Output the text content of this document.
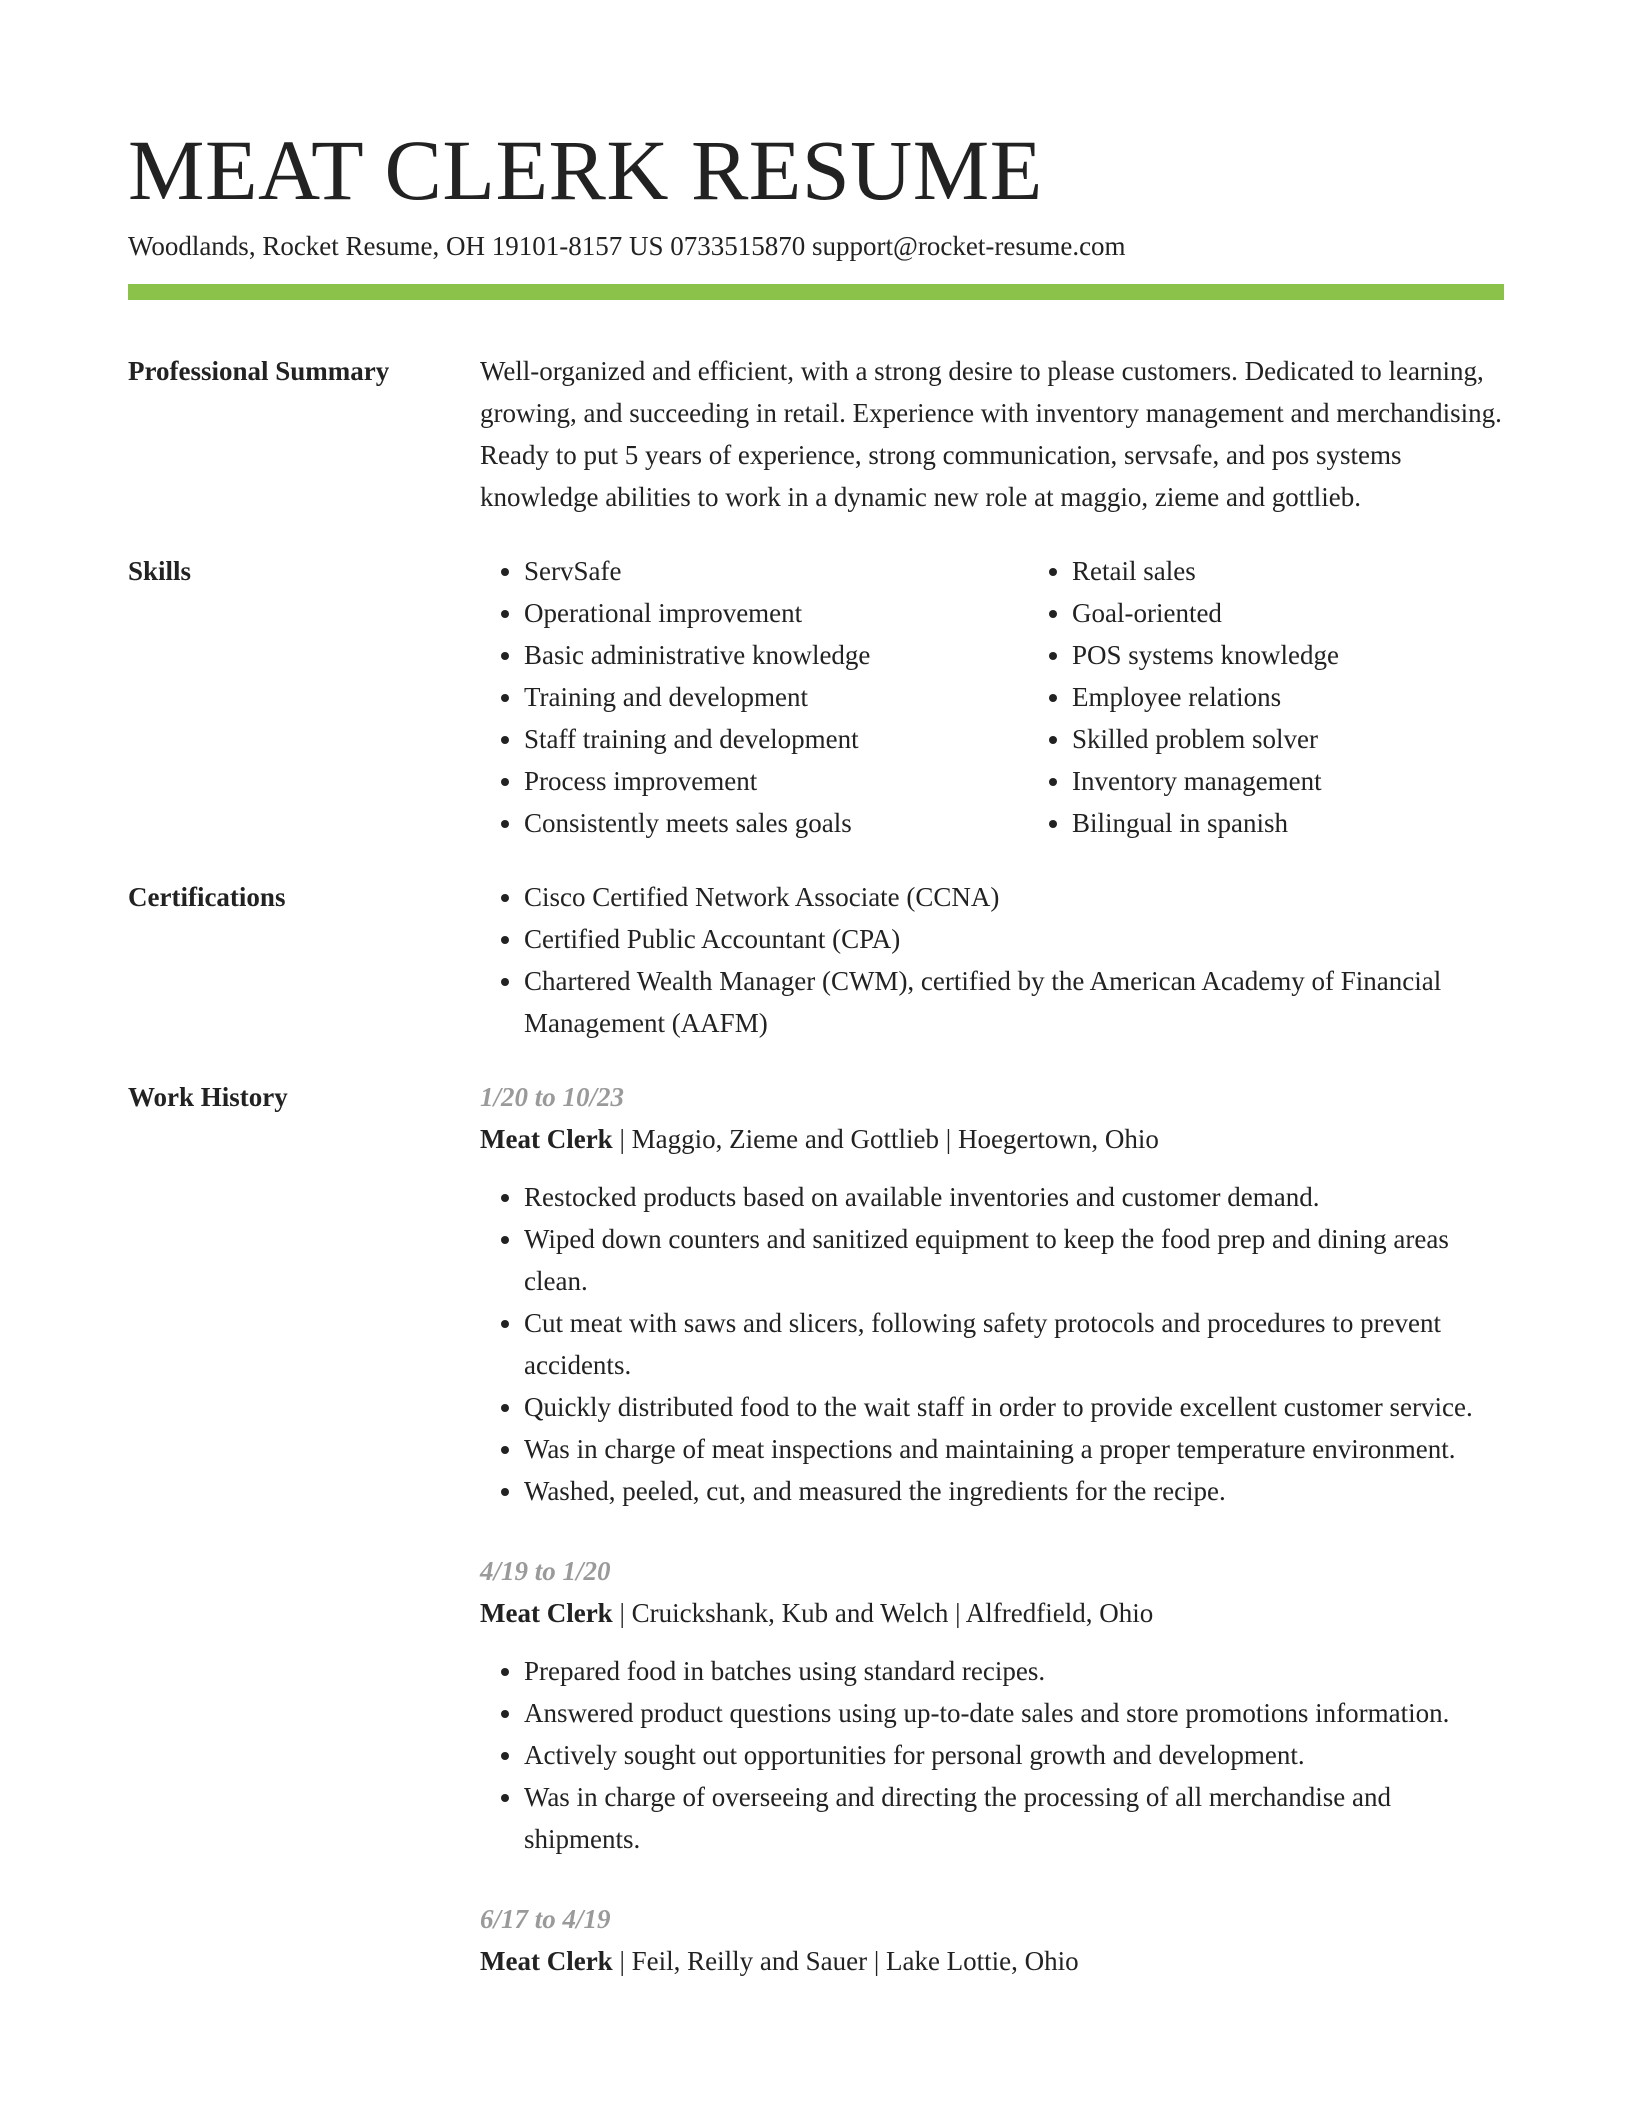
MEAT CLERK RESUME
Woodlands, Rocket Resume, OH 19101-8157 US 0733515870 support@rocket-resume.com
Professional Summary	Well-organized and efficient, with a strong desire to please customers. Dedicated to learning, growing, and succeeding in retail. Experience with inventory management and merchandising. Ready to put 5 years of experience, strong communication, servsafe, and pos systems knowledge abilities to work in a dynamic new role at maggio, zieme and gottlieb.

Skills	• ServSafe
• Operational improvement
• Basic administrative knowledge
• Training and development
• Staff training and development
• Process improvement
• Consistently meets sales goals
• Retail sales
• Goal-oriented
• POS systems knowledge
• Employee relations
• Skilled problem solver
• Inventory management
• Bilingual in spanish
Certifications	• Cisco Certified Network Associate (CCNA)
• Certified Public Accountant (CPA)
• Chartered Wealth Manager (CWM), certified by the American Academy of Financial Management (AAFM)
Work History	1/20 to 10/23
Meat Clerk | Maggio, Zieme and Gottlieb | Hoegertown, Ohio
• Restocked products based on available inventories and customer demand.
• Wiped down counters and sanitized equipment to keep the food prep and dining areas clean.
• Cut meat with saws and slicers, following safety protocols and procedures to prevent accidents.
• Quickly distributed food to the wait staff in order to provide excellent customer service.
• Was in charge of meat inspections and maintaining a proper temperature environment.
• Washed, peeled, cut, and measured the ingredients for the recipe.
4/19 to 1/20
Meat Clerk | Cruickshank, Kub and Welch | Alfredfield, Ohio
• Prepared food in batches using standard recipes.
• Answered product questions using up-to-date sales and store promotions information.
• Actively sought out opportunities for personal growth and development.
• Was in charge of overseeing and directing the processing of all merchandise and shipments.
6/17 to 4/19
Meat Clerk | Feil, Reilly and Sauer | Lake Lottie, Ohio
